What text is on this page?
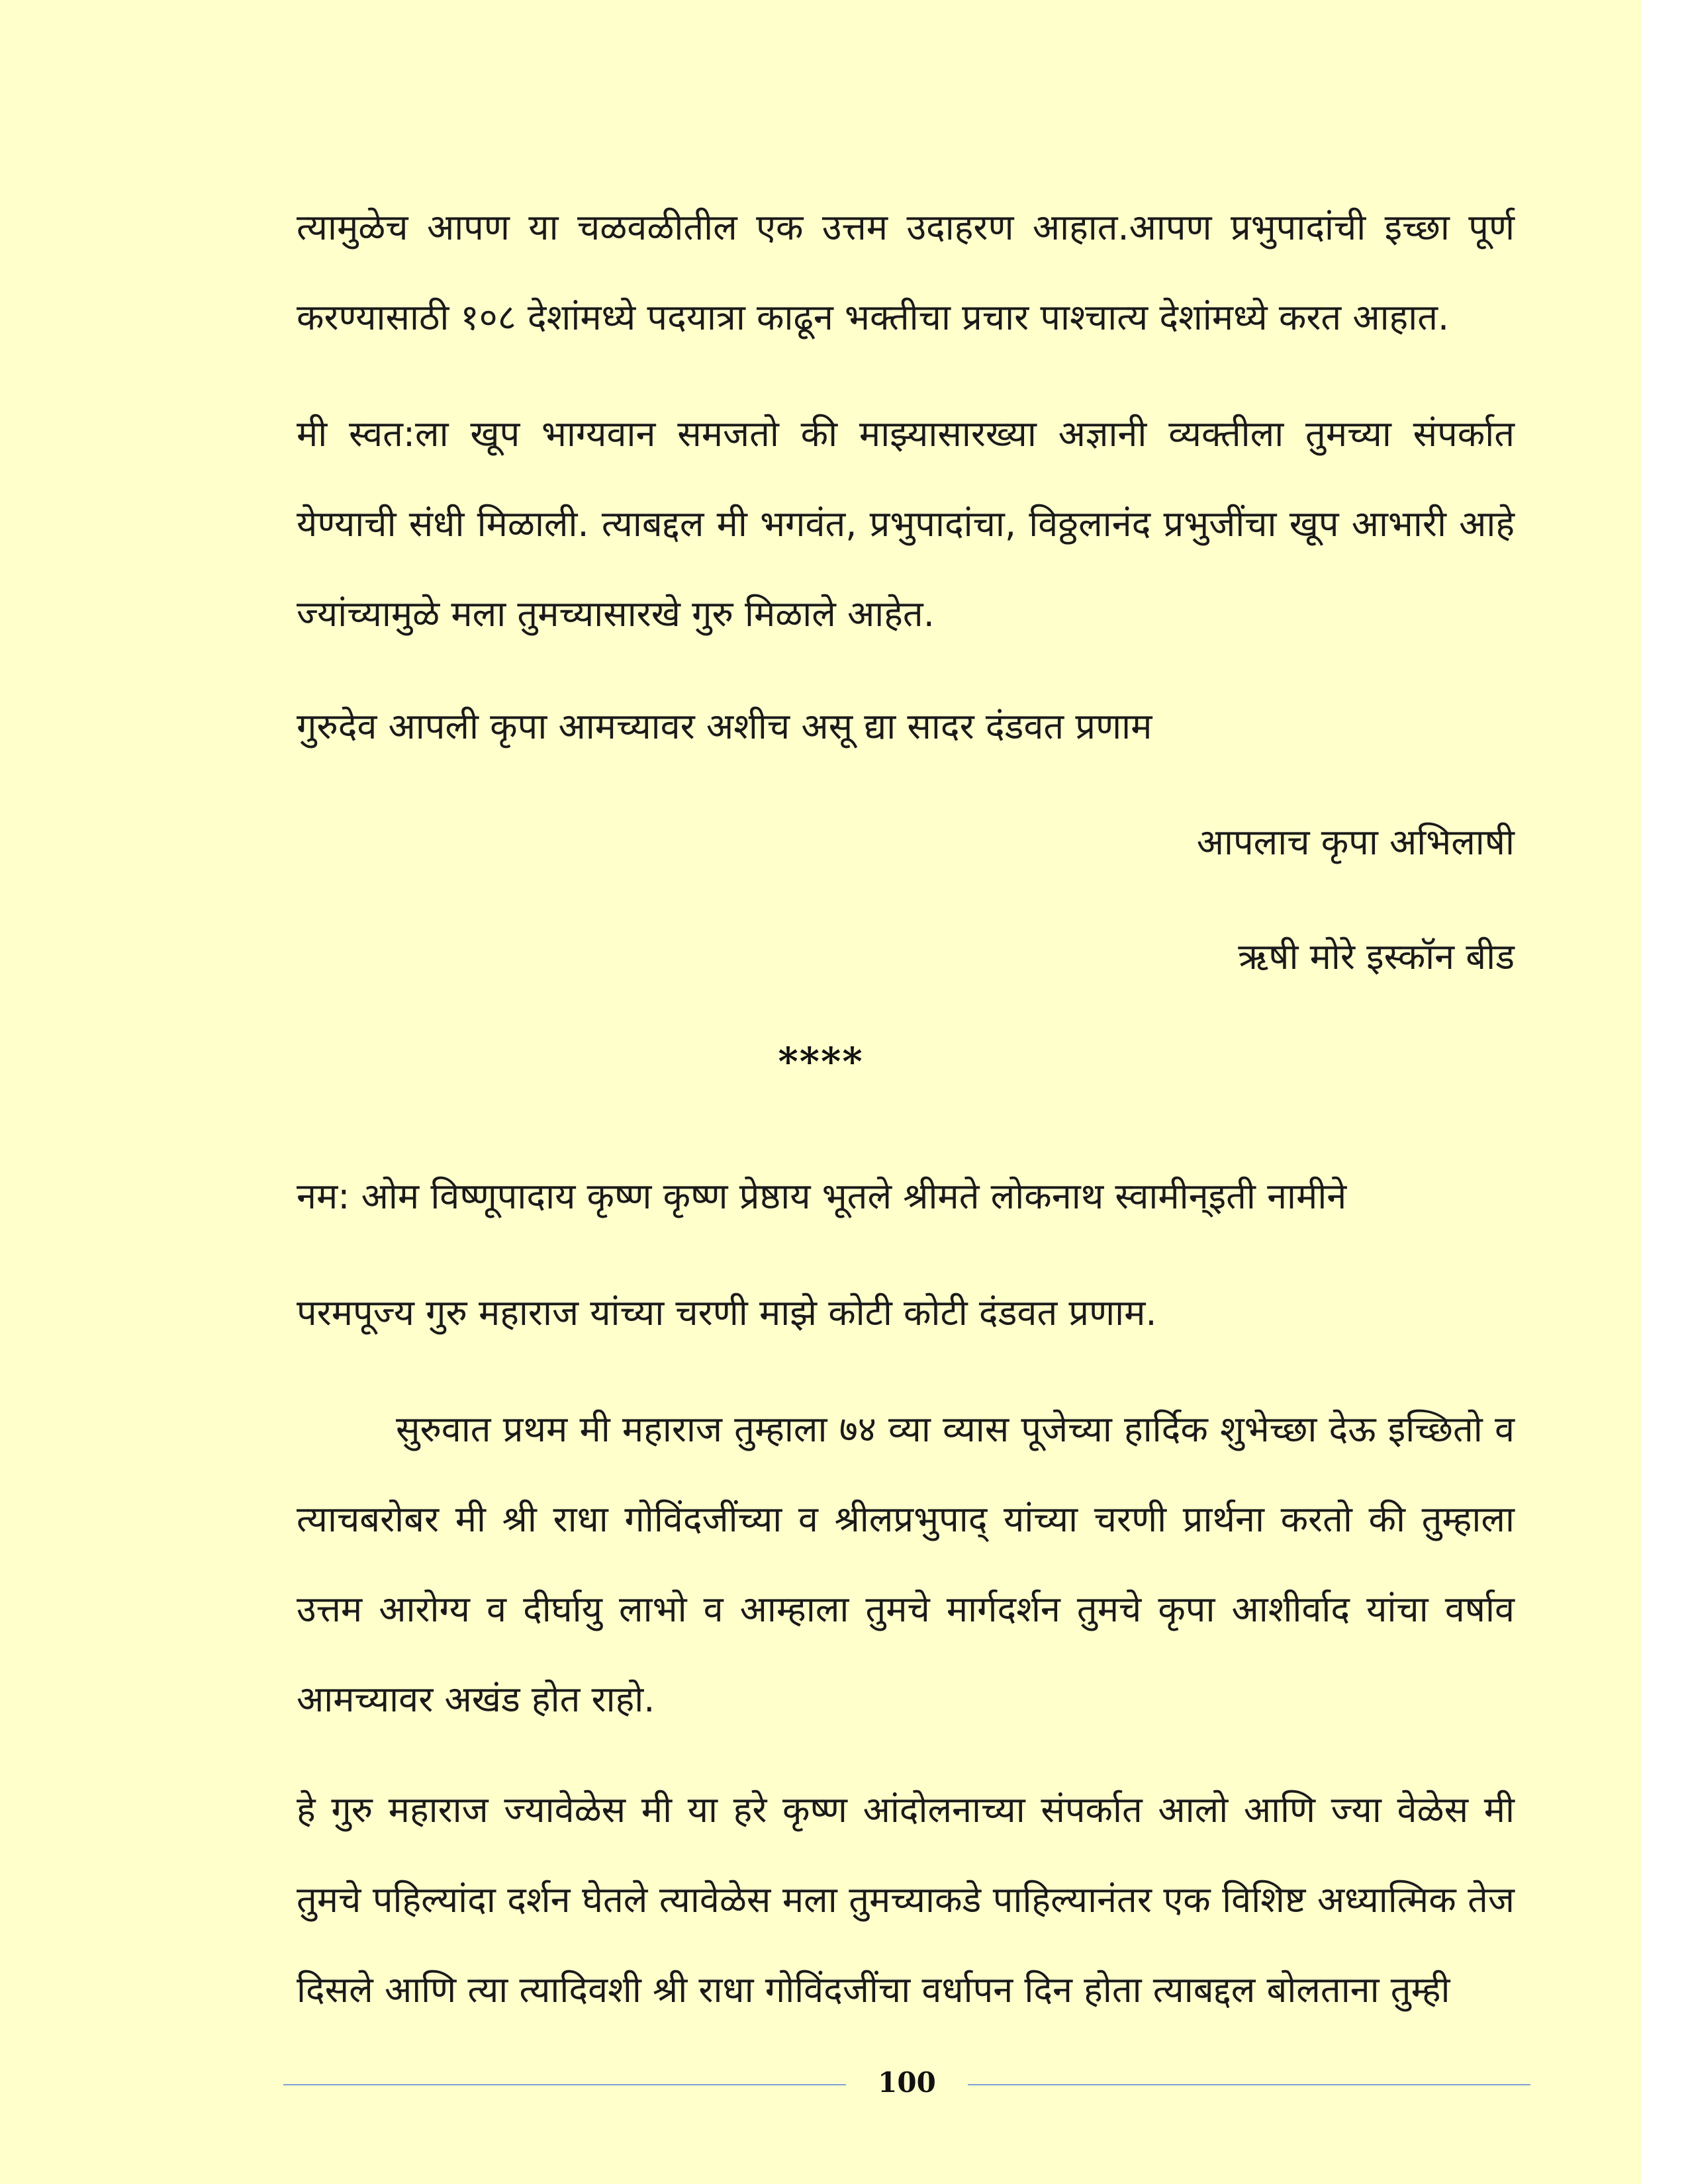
त्यामुळेच आपण या चळवळीतील एक उत्तम उदाहरण आहात.आपण प्रभुपादांची इच्छा पूर्ण करण्यासाठी १०८ देशांमध्ये पदयात्रा काढून भक्तीचा प्रचार पाश्चात्य देशांमध्ये करत आहात.

मी स्वत:ला खूप भाग्यवान समजतो की माझ्यासारख्या अज्ञानी व्यक्तीला तुमच्या संपर्कात येण्याची संधी मिळाली. त्याबद्दल मी भगवंत, प्रभुपादांचा, विठ्ठलानंद प्रभुजींचा खूप आभारी आहे ज्यांच्यामुळे मला तुमच्यासारखे गुरु मिळाले आहेत.

गुरुदेव आपली कृपा आमच्यावर अशीच असू द्या सादर दंडवत प्रणाम

आपलाच कृपा अभिलाषी

ऋषी मोरे इस्कॉन बीड

****

नम: ओम विष्णूपादाय कृष्ण कृष्ण प्रेष्ठाय भूतले श्रीमते लोकनाथ स्वामीन्इती नामीने

परमपूज्य गुरु महाराज यांच्या चरणी माझे कोटी कोटी दंडवत प्रणाम.

सुरुवात प्रथम मी महाराज तुम्हाला ७४ व्या व्यास पूजेच्या हार्दिक शुभेच्छा देऊ इच्छितो व त्याचबरोबर मी श्री राधा गोविंदजींच्या व श्रीलप्रभुपाद् यांच्या चरणी प्रार्थना करतो की तुम्हाला उत्तम आरोग्य व दीर्घायु लाभो व आम्हाला तुमचे मार्गदर्शन तुमचे कृपा आशीर्वाद यांचा वर्षाव आमच्यावर अखंड होत राहो.

हे गुरु महाराज ज्यावेळेस मी या हरे कृष्ण आंदोलनाच्या संपर्कात आलो आणि ज्या वेळेस मी तुमचे पहिल्यांदा दर्शन घेतले त्यावेळेस मला तुमच्याकडे पाहिल्यानंतर एक विशिष्ट अध्यात्मिक तेज दिसले आणि त्या त्यादिवशी श्री राधा गोविंदजींचा वर्धापन दिन होता त्याबद्दल बोलताना तुम्ही

100
